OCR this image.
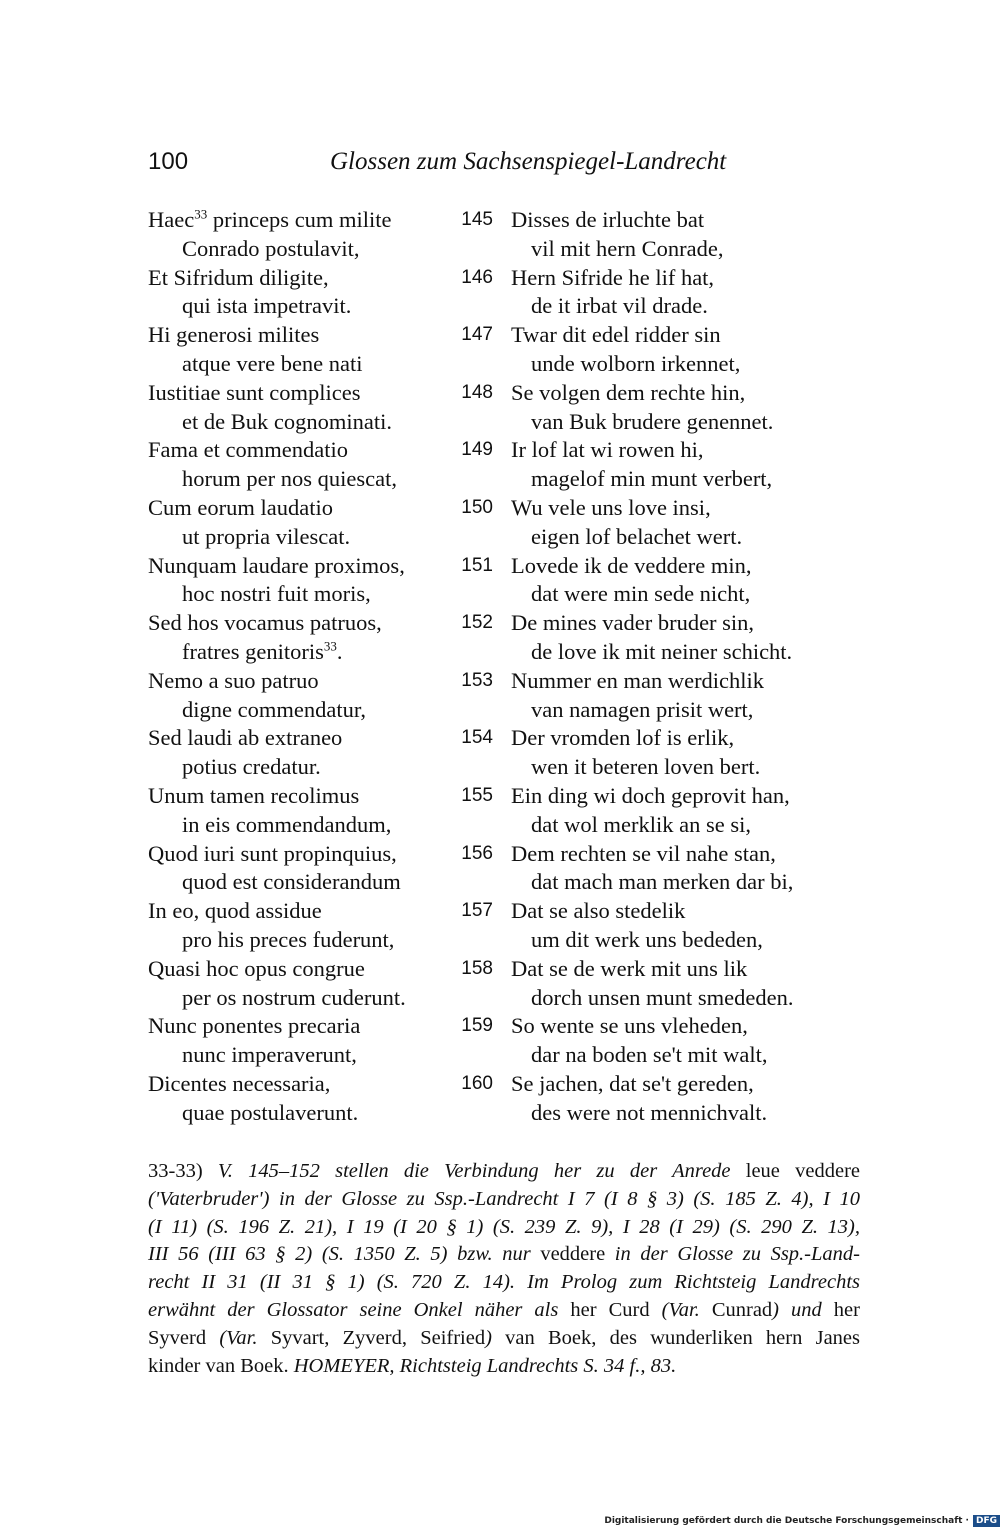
100	Glossen zum Sachsenspiegel-Landrecht
Haec$^{33}$ princeps cum milite
Conrado postulavit,
145 Disses de irluchte bat
vil mit hern Conrade,
Et Sifridum diligite,
qui ista impetravit.
146 Hern Sifride he lif hat,
de it irbat vil drade.
Hi generosi milites
atque vere bene nati
147 Twar dit edel ridder sin
unde wolborn irkennet,
Iustitiae sunt complices
et de Buk cognominati.
148 Se volgen dem rechte hin,
van Buk brudere genennet.
Fama et commendatio
horum per nos quiescat,
149 Ir lof lat wi rowen hi,
magelof min munt verbert,
Cum eorum laudatio
ut propria vilescat.
150 Wu vele uns love insi,
eigen lof belachet wert.
Nunquam laudare proximos,
hoc nostri fuit moris,
151 Lovede ik de veddere min,
dat were min sede nicht,
Sed hos vocamus patruos,
fratres genitoris$^{33}$.
152 De mines vader bruder sin,
de love ik mit neiner schicht.
Nemo a suo patruo
digne commendatur,
153 Nummer en man werdichlik
van namagen prisit wert,
Sed laudi ab extraneo
potius credatur.
154 Der vromden lof is erlik,
wen it beteren loven bert.
Unum tamen recolimus
in eis commendandum,
155 Ein ding wi doch geprovit han,
dat wol merklik an se si,
Quod iuri sunt propinquius,
quod est considerandum
156 Dem rechten se vil nahe stan,
dat mach man merken dar bi,
In eo, quod assidue
pro his preces fuderunt,
157 Dat se also stedelik
um dit werk uns bededen,
Quasi hoc opus congrue
per os nostrum cuderunt.
158 Dat se de werk mit uns lik
dorch unsen munt smededen.
Nunc ponentes precaria
nunc imperaverunt,
159 So wente se uns vleheden,
dar na boden se't mit walt,
Dicentes necessaria,
quae postulaverunt.
160 Se jachen, dat se't gereden,
des were not mennichvalt.
33-33) V. 145–152 stellen die Verbindung her zu der Anrede leue veddere
('Vaterbruder') in der Glosse zu Ssp.-Landrecht I 7 (I 8 § 3) (S. 185 Z. 4), I 10
(I 11) (S. 196 Z. 21), I 19 (I 20 § 1) (S. 239 Z. 9), I 28 (I 29) (S. 290 Z. 13),
III 56 (III 63 § 2) (S. 1350 Z. 5) bzw. nur veddere in der Glosse zu Ssp.-Land-
recht II 31 (II 31 § 1) (S. 720 Z. 14). Im Prolog zum Richtsteig Landrechts
erwähnt der Glossator seine Onkel näher als her Curd (Var. Cunrad) und her
Syverd (Var. Syvart, Zyverd, Seifried) van Boek, des wunderliken hern Janes
kinder van Boek. HOMEYER, Richtsteig Landrechts S. 34 f., 83.
Digitalisierung gefördert durch die Deutsche Forschungsgemeinschaft · DFG
